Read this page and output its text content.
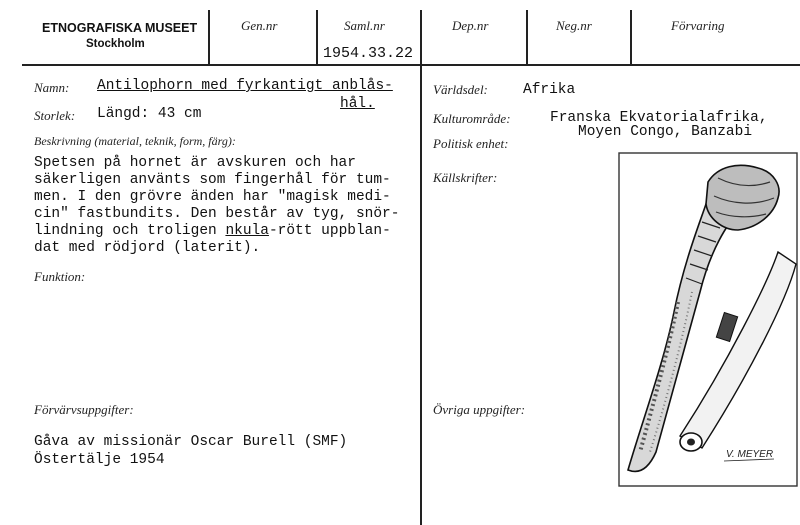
ETNOGRAFISKA MUSEET
Stockholm
Gen.nr	Saml.nr
1954.33.22
Dep.nr	Neg.nr	Förvaring
Namn: Antilophorn med fyrkantigt anblås-
hål.
Storlek: Längd: 43 cm
Beskrivning (material, teknik, form, färg):
Spetsen på hornet är avskuren och har
säkerligen använts som fingerhål för tum-
men. I den grövre änden har "magisk medi-
cin" fastbundits. Den består av tyg, snör-
lindning och troligen nkula-rött uppblan-
dat med rödjord (laterit).
Funktion:
Förvärvsuppgifter:
Gåva av missionär Oscar Burell (SMF)
Östertälje 1954
Världsdel: Afrika
Kulturområde:	Franska Ekvatorialafrika,
Moyen Congo, Banzabi
Politisk enhet:
Källskrifter:
Övriga uppgifter:
V. MEYER
